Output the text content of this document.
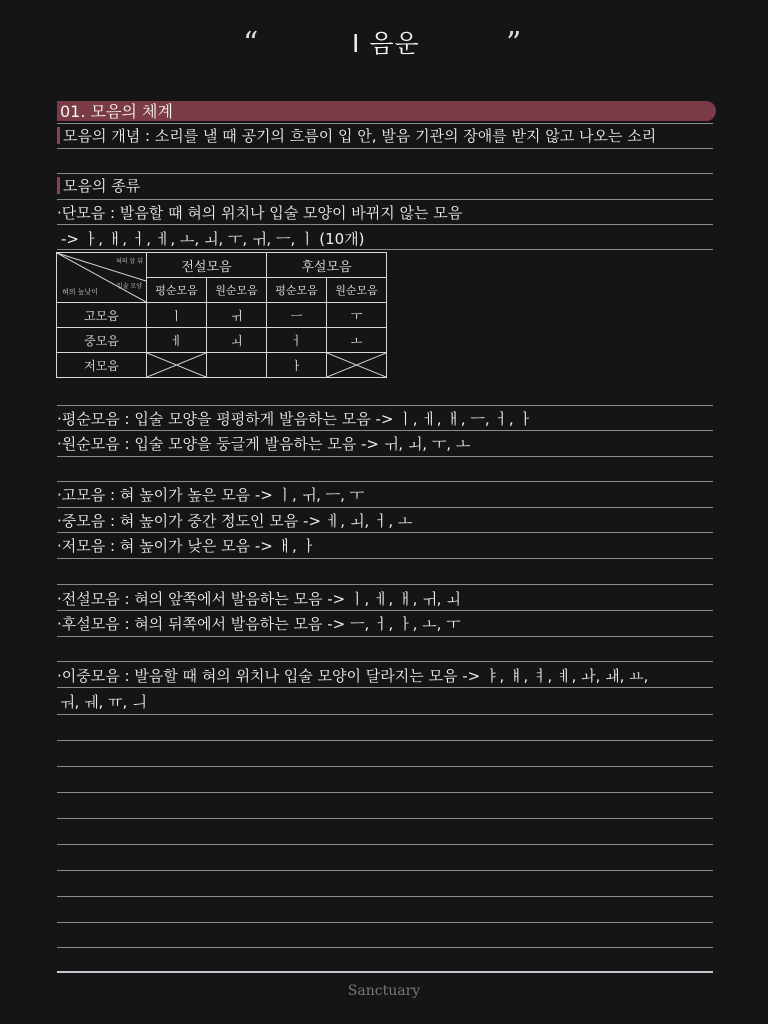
“	Ⅰ 음운	”
01. 모음의 체계
모음의 개념 : 소리를 낼 때 공기의 흐름이 입 안, 발음 기관의 장애를 받지 않고 나오는 소리
모음의 종류
·단모음 : 발음할 때 혀의 위치나 입술 모양이 바뀌지 않는 모음
-> ㅏ, ㅐ, ㅓ, ㅔ, ㅗ, ㅚ, ㅜ, ㅟ, ㅡ, ㅣ (10개)
혀의 앞 뒤
입술 모양
혀의 높낮이	전설모음		후설모음	
	평순모음	원순모음	평순모음	원순모음
고모음	ㅣ	ㅟ	ㅡ	ㅜ
중모음	ㅔ	ㅚ	ㅓ	ㅗ
저모음			ㅏ	
·평순모음 : 입술 모양을 평평하게 발음하는 모음 -> ㅣ, ㅔ, ㅐ, ㅡ, ㅓ, ㅏ
·원순모음 : 입술 모양을 둥글게 발음하는 모음 -> ㅟ, ㅚ, ㅜ, ㅗ
·고모음 : 혀 높이가 높은 모음 -> ㅣ, ㅟ, ㅡ, ㅜ
·중모음 : 혀 높이가 중간 정도인 모음 -> ㅔ, ㅚ, ㅓ, ㅗ
·저모음 : 혀 높이가 낮은 모음 -> ㅐ, ㅏ
·전설모음 : 혀의 앞쪽에서 발음하는 모음 -> ㅣ, ㅔ, ㅐ, ㅟ, ㅚ
·후설모음 : 혀의 뒤쪽에서 발음하는 모음 -> ㅡ, ㅓ, ㅏ, ㅗ, ㅜ
·이중모음 : 발음할 때 혀의 위치나 입술 모양이 달라지는 모음 -> ㅑ, ㅒ, ㅕ, ㅖ, ㅘ, ㅙ, ㅛ,
ㅝ, ㅞ, ㅠ, ㅢ
Sanctuary
